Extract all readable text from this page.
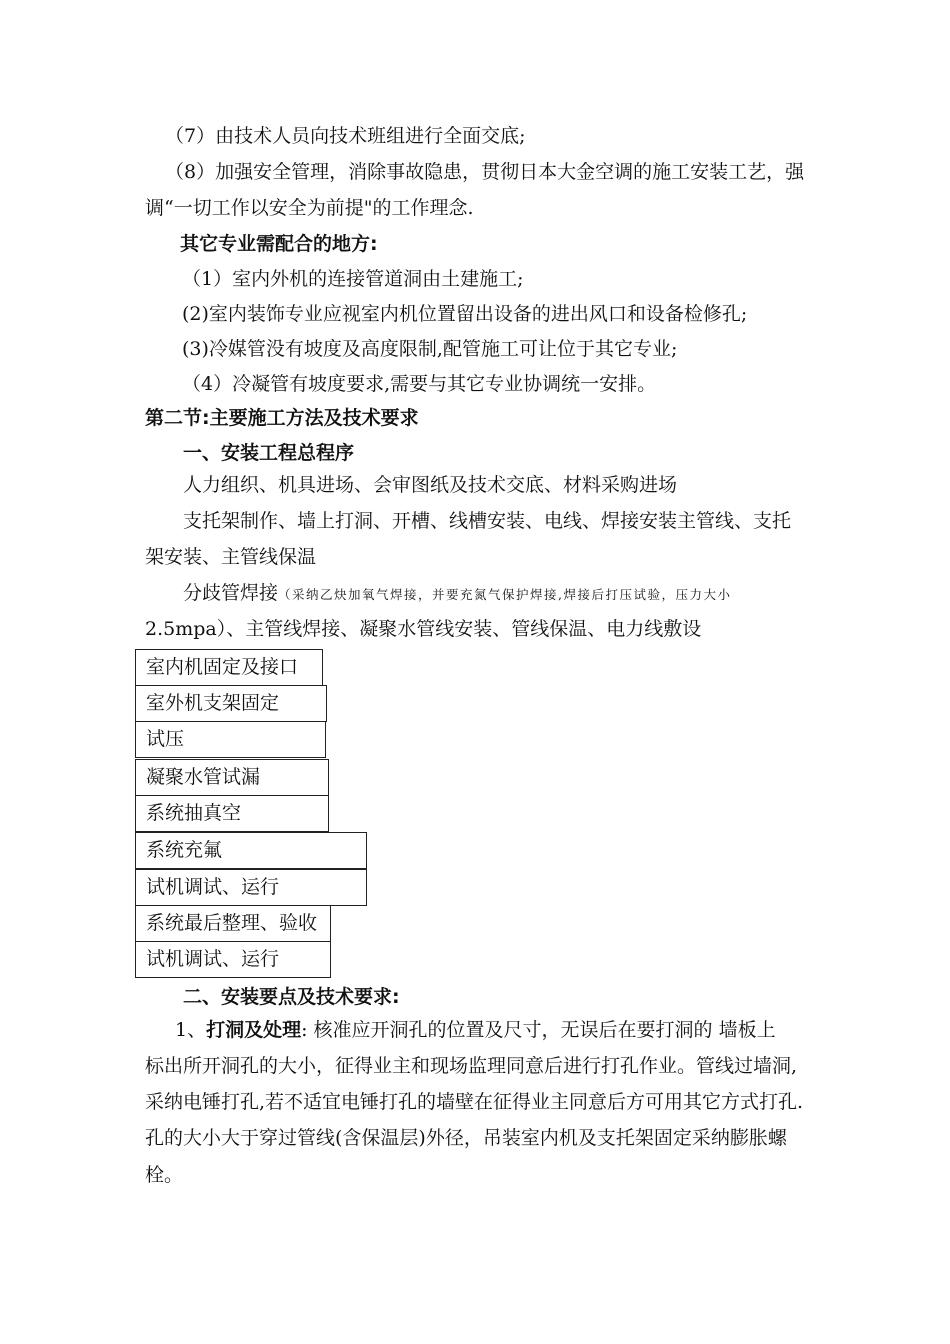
（7）由技术人员向技术班组进行全面交底;
（8）加强安全管理，消除事故隐患，贯彻日本大金空调的施工安装工艺，强
调“一切工作以安全为前提"的工作理念.
其它专业需配合的地方:
（1）室内外机的连接管道洞由土建施工;
(2)室内装饰专业应视室内机位置留出设备的进出风口和设备检修孔;
(3)冷媒管没有坡度及高度限制,配管施工可让位于其它专业;
（4）冷凝管有坡度要求,需要与其它专业协调统一安排。
第二节:主要施工方法及技术要求
一、安装工程总程序
人力组织、机具进场、会审图纸及技术交底、材料采购进场
支托架制作、墙上打洞、开槽、线槽安装、电线、焊接安装主管线、支托
架安装、主管线保温
分歧管焊接（采纳乙炔加氧气焊接，并要充氮气保护焊接,焊接后打压试验，压力大小
2.5mpa）、主管线焊接、凝聚水管线安装、管线保温、电力线敷设
室内机固定及接口
室外机支架固定
试压
凝聚水管试漏
系统抽真空
系统充氟
试机调试、运行
系统最后整理、验收
试机调试、运行
二、安装要点及技术要求:
1、打洞及处理: 核准应开洞孔的位置及尺寸，无误后在要打洞的 墙板上
标出所开洞孔的大小，征得业主和现场监理同意后进行打孔作业。管线过墙洞,
采纳电锤打孔,若不适宜电锤打孔的墙壁在征得业主同意后方可用其它方式打孔.
孔的大小大于穿过管线(含保温层)外径，吊装室内机及支托架固定采纳膨胀螺
栓。
